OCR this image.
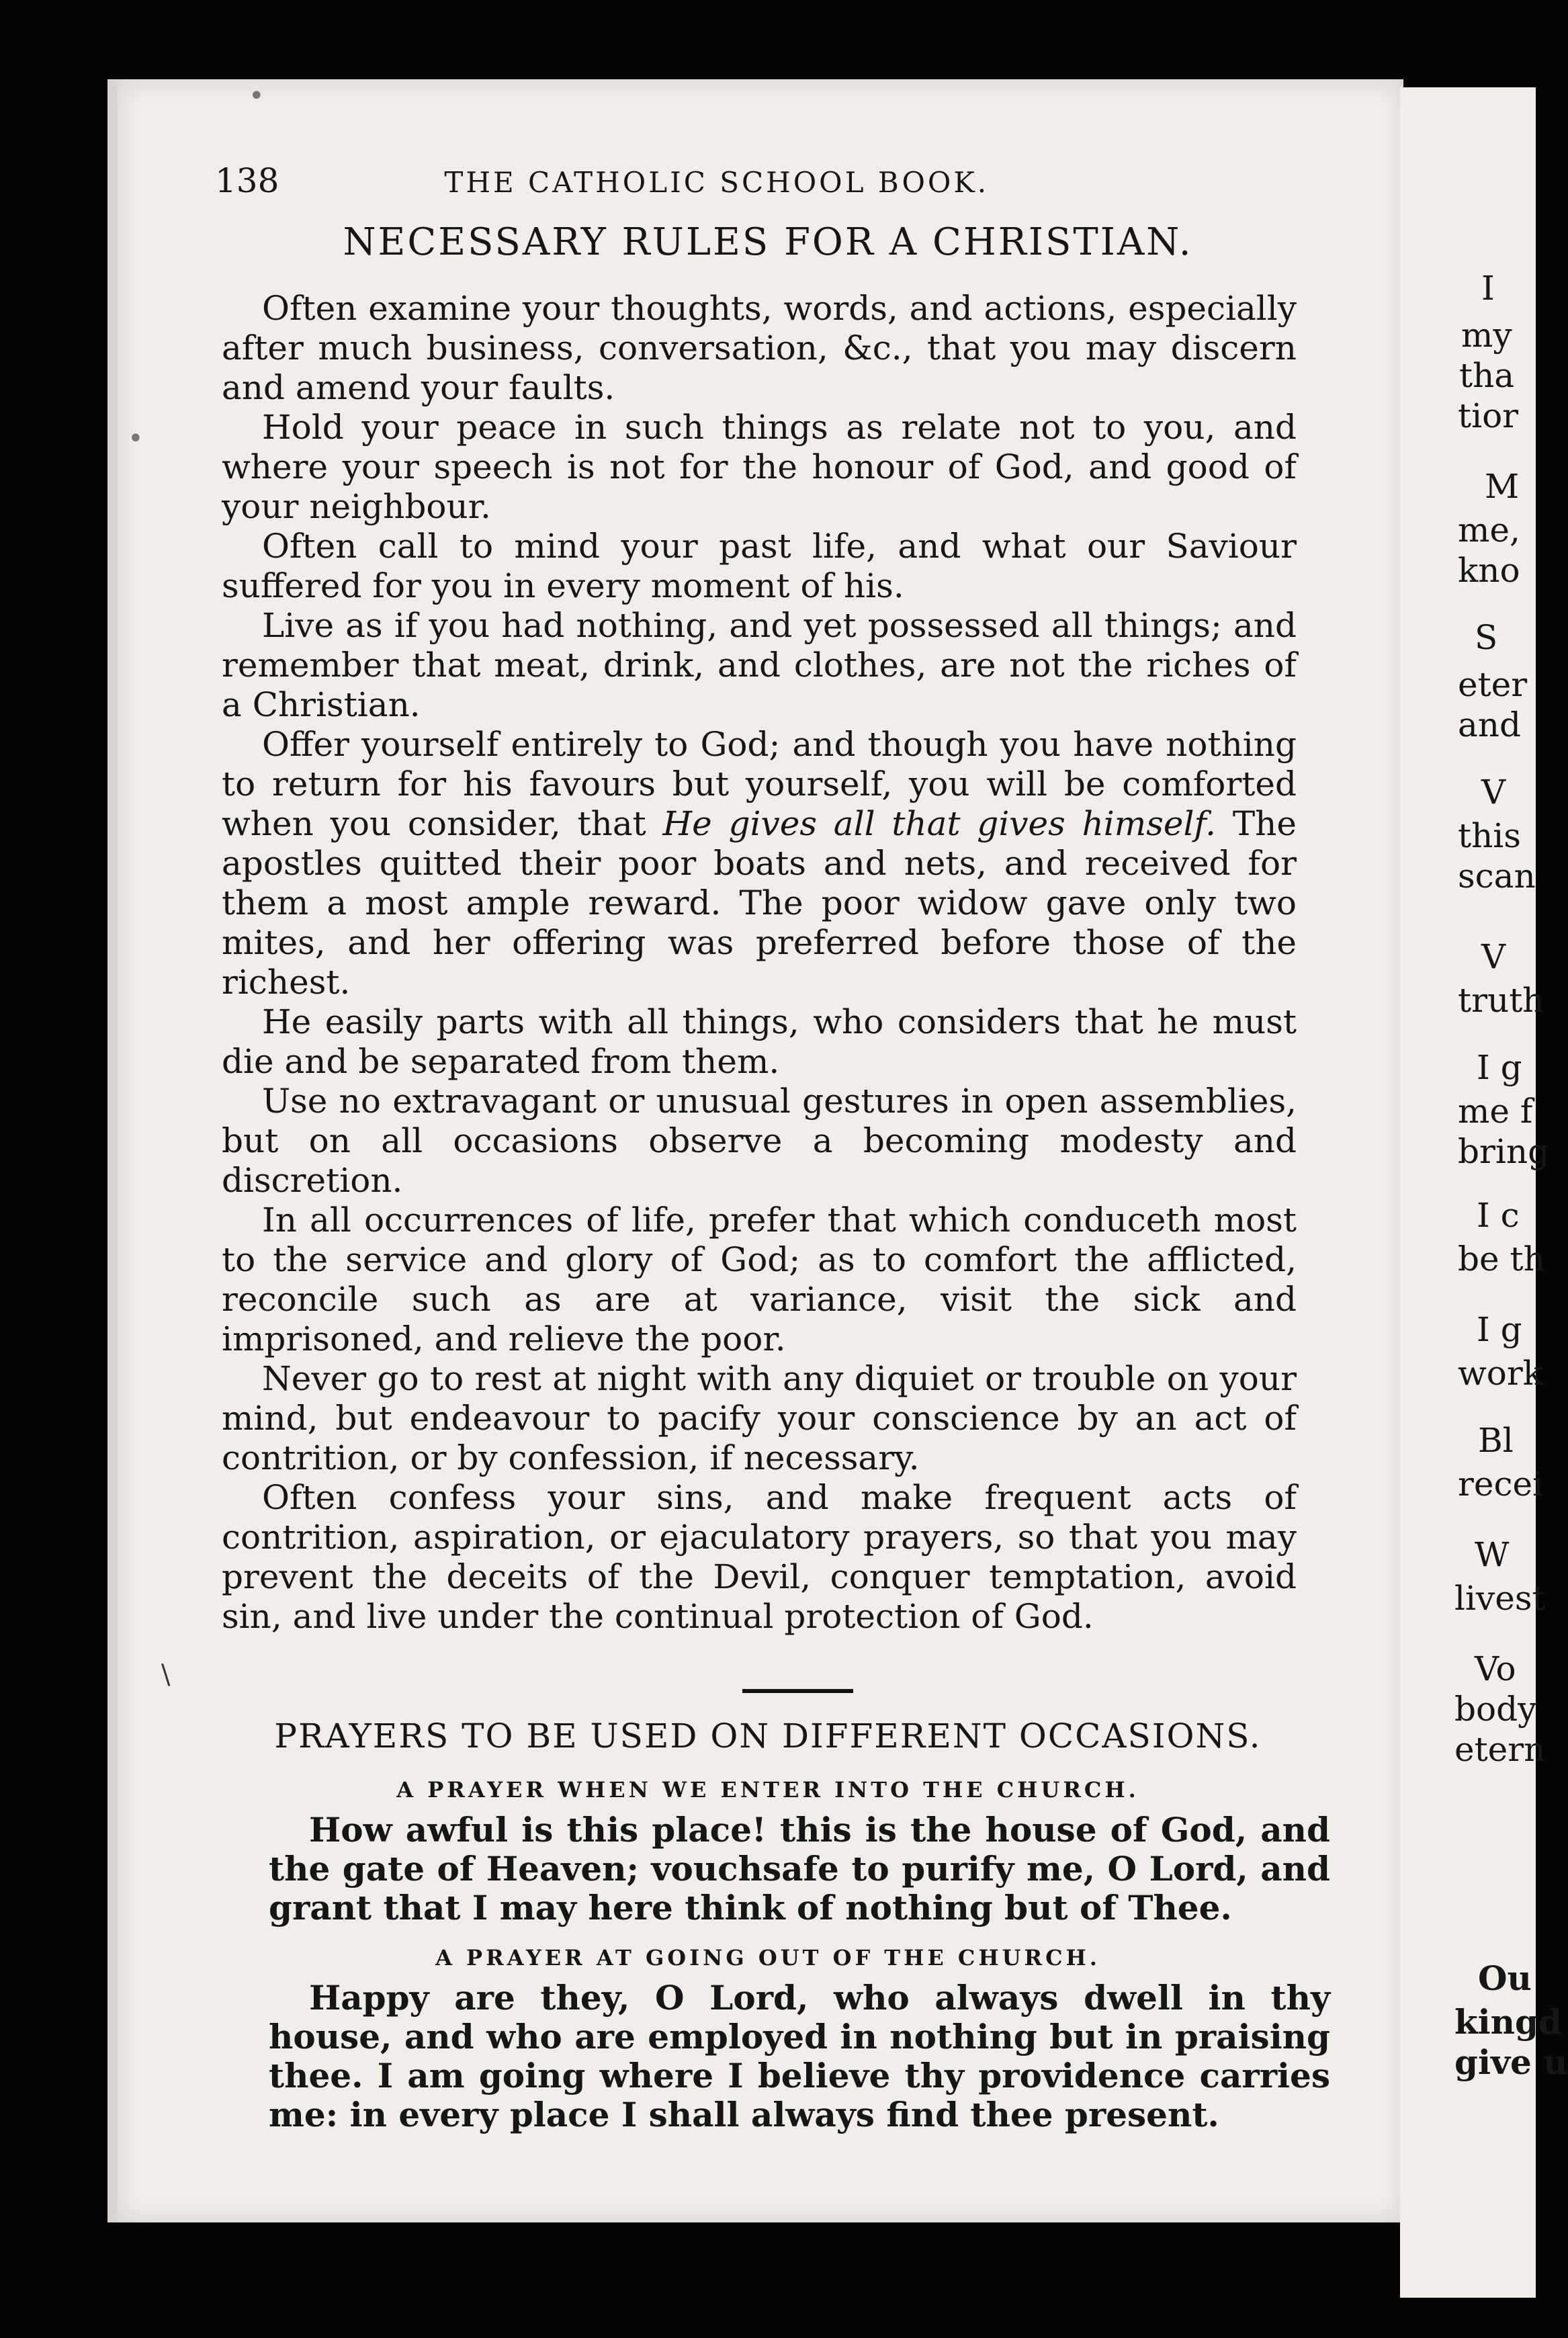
138	THE CATHOLIC SCHOOL BOOK.
NECESSARY RULES FOR A CHRISTIAN.

Often examine your thoughts, words, and actions, especially after much business, conversation, &c., that you may discern and amend your faults.

Hold your peace in such things as relate not to you, and where your speech is not for the honour of God, and good of your neighbour.

Often call to mind your past life, and what our Saviour suffered for you in every moment of his.

Live as if you had nothing, and yet possessed all things; and remember that meat, drink, and clothes, are not the riches of a Christian.

Offer yourself entirely to God; and though you have nothing to return for his favours but yourself, you will be comforted when you consider, that He gives all that gives himself. The apostles quitted their poor boats and nets, and received for them a most ample reward. The poor widow gave only two mites, and her offering was preferred before those of the richest.

He easily parts with all things, who considers that he must die and be separated from them.

Use no extravagant or unusual gestures in open assemblies, but on all occasions observe a becoming modesty and discretion.

In all occurrences of life, prefer that which conduceth most to the service and glory of God; as to comfort the afflicted, reconcile such as are at variance, visit the sick and imprisoned, and relieve the poor.

Never go to rest at night with any diquiet or trouble on your mind, but endeavour to pacify your conscience by an act of contrition, or by confession, if necessary.

Often confess your sins, and make frequent acts of contrition, aspiration, or ejaculatory prayers, so that you may prevent the deceits of the Devil, conquer temptation, avoid sin, and live under the continual protection of God.

PRAYERS TO BE USED ON DIFFERENT OCCASIONS.
A PRAYER WHEN WE ENTER INTO THE CHURCH.

How awful is this place! this is the house of God, and the gate of Heaven; vouchsafe to purify me, O Lord, and grant that I may here think of nothing but of Thee.

A PRAYER AT GOING OUT OF THE CHURCH.

Happy are they, O Lord, who always dwell in thy house, and who are employed in nothing but in praising thee. I am going where I believe thy providence carries me: in every place I shall always find thee present.

•
•
\
I
my
tha
tior
M
me,
kno
S
eter
and
V
this
scan
V
truth
I g
me f
bring
I c
be th
I g
work
Bl
recei
W
livest
Vo
body
etern
Ou
kingd
give u
